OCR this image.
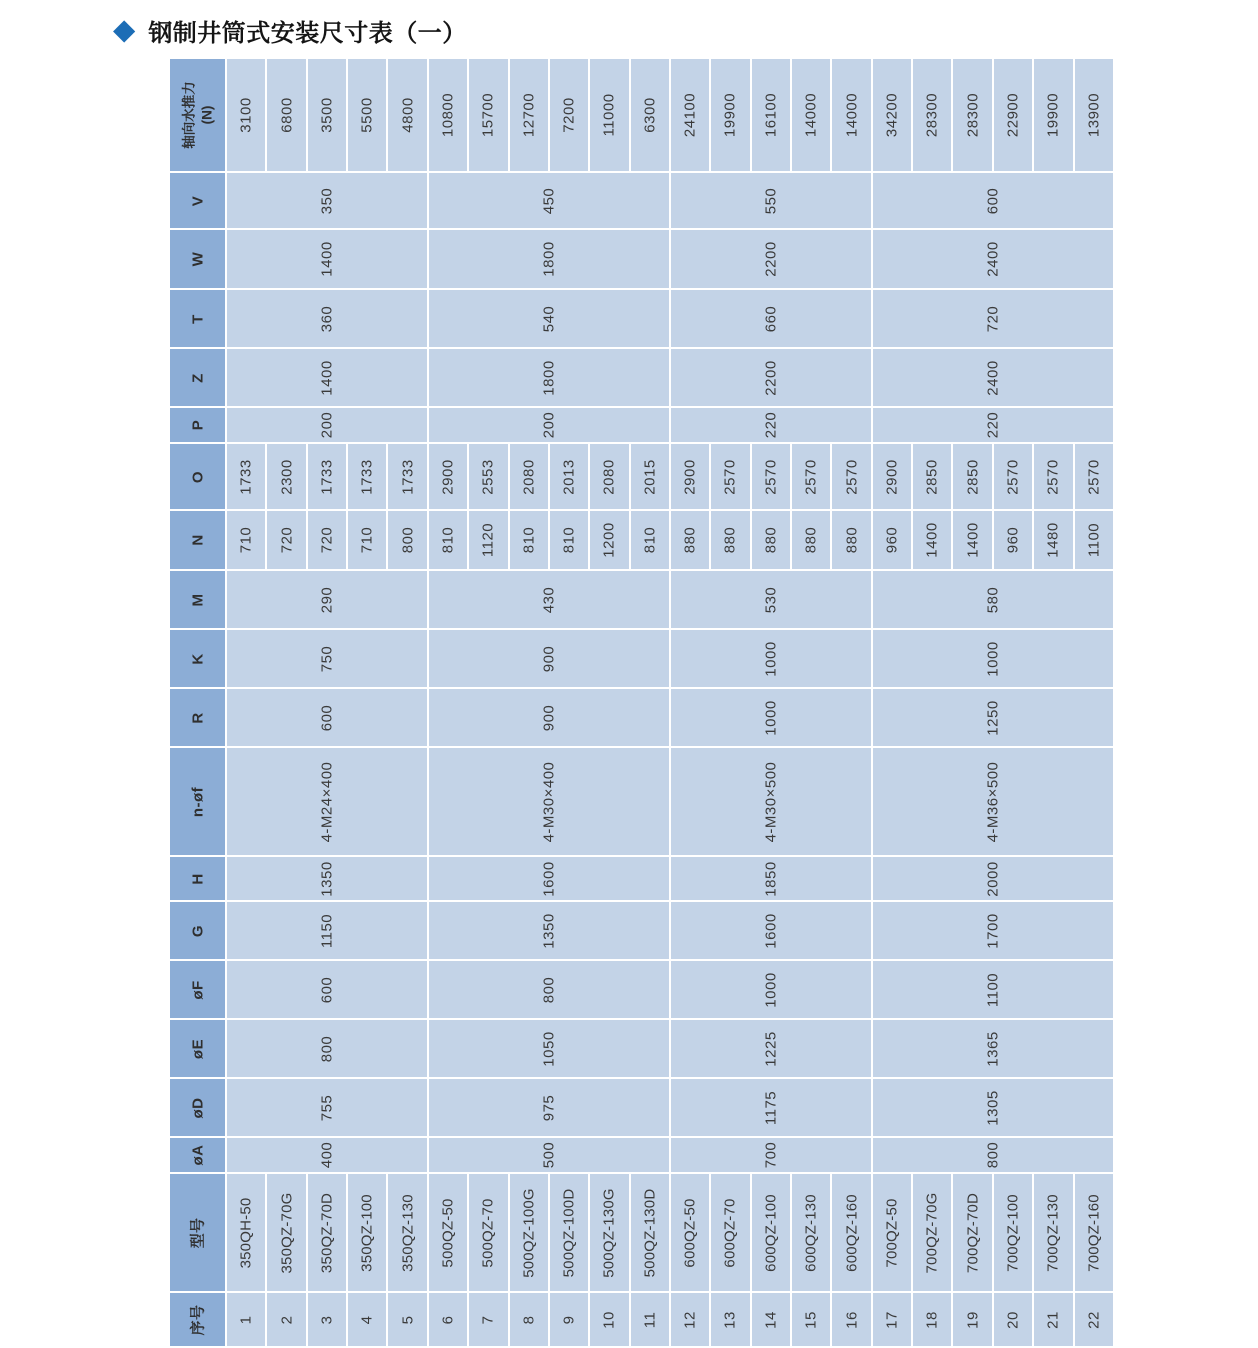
◆ 钢制井筒式安装尺寸表（一）
轴向水推力 (N)	3100	6800	3500	5500	4800	10800	15700	12700	7200	11000	6300	24100	19900	16100	14000	14000	34200	28300	28300	22900	19900	13900

V	350					450						550					600					

W	1400					1800						2200					2400					

T	360					540						660					720					

Z	1400					1800						2200					2400					

P	200					200						220					220					

O	1733	2300	1733	1733	1733	2900	2553	2080	2013	2080	2015	2900	2570	2570	2570	2570	2900	2850	2850	2570	2570	2570

N	710	720	720	710	800	810	1120	810	810	1200	810	880	880	880	880	880	960	1400	1400	960	1480	1100

M	290					430						530					580					

K	750					900						1000					1000					

R	600					900						1000					1250					

n-øf	4-M24×400					4-M30×400						4-M30×500					4-M36×500					

H	1350					1600						1850					2000					

G	1150					1350						1600					1700					

øF	600					800						1000					1100					

øE	800					1050						1225					1365					

øD	755					975						1175					1305					

øA	400					500						700					800					

型号	350QH-50	350QZ-70G	350QZ-70D	350QZ-100	350QZ-130	500QZ-50	500QZ-70	500QZ-100G	500QZ-100D	500QZ-130G	500QZ-130D	600QZ-50	600QZ-70	600QZ-100	600QZ-130	600QZ-160	700QZ-50	700QZ-70G	700QZ-70D	700QZ-100	700QZ-130	700QZ-160

序号	1	2	3	4	5	6	7	8	9	10	11	12	13	14	15	16	17	18	19	20	21	22
